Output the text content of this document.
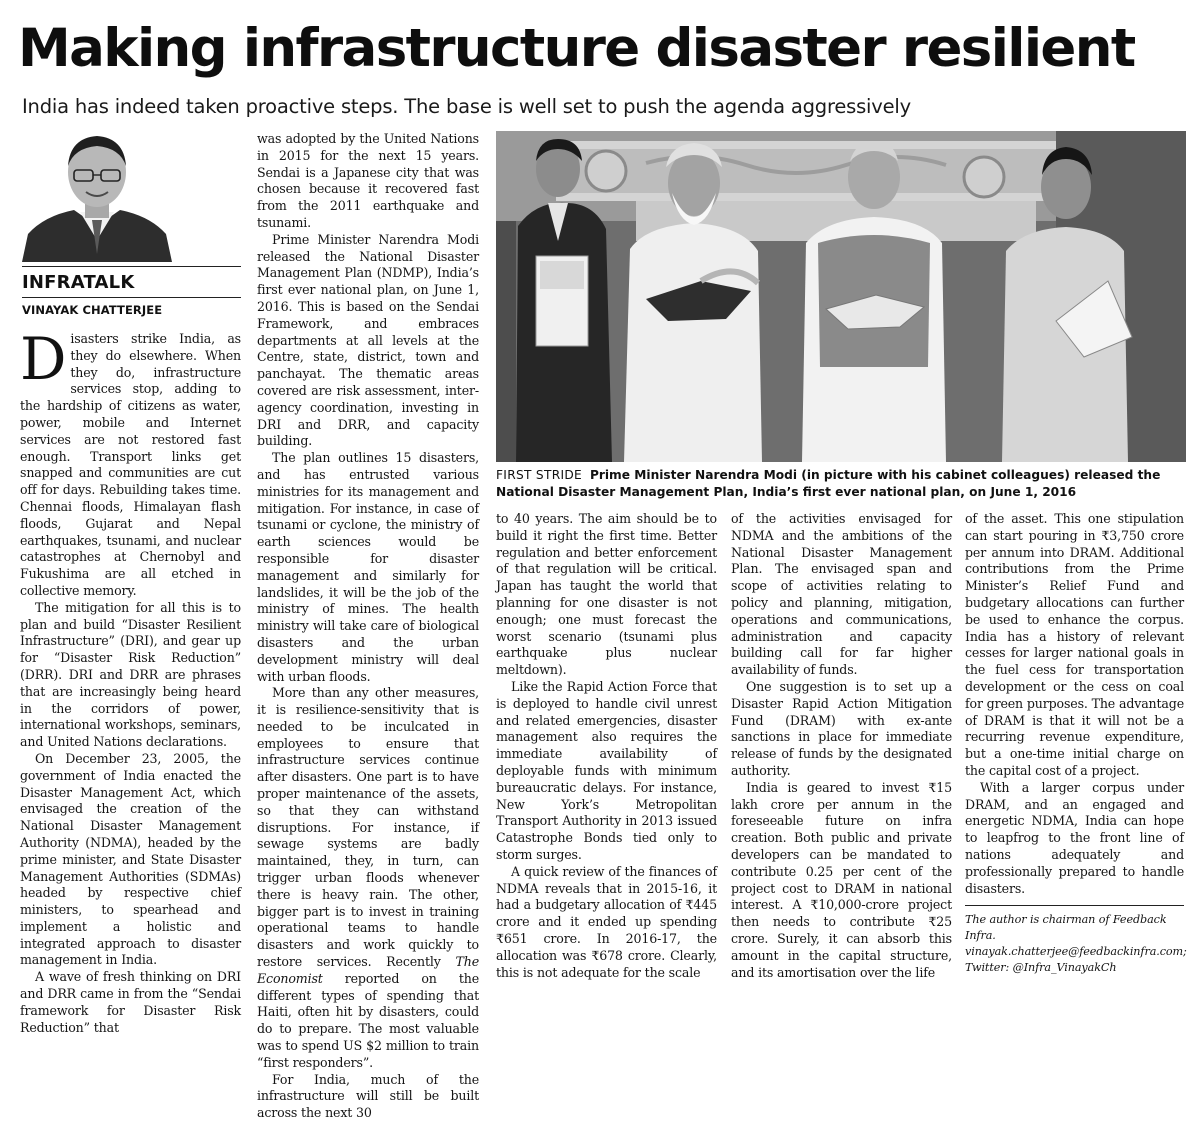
Making infrastructure disaster resilient
India has indeed taken proactive steps. The base is well set to push the agenda aggressively
INFRATALK
VINAYAK CHATTERJEE

Disasters strike India, as they do elsewhere. When they do, infrastructure services stop, adding to the hardship of citizens as water, power, mobile and Internet services are not restored fast enough. Transport links get snapped and communities are cut off for days. Rebuilding takes time. Chennai floods, Himalayan flash floods, Gujarat and Nepal earthquakes, tsunami, and nuclear catastrophes at Chernobyl and Fukushima are all etched in collective memory.

The mitigation for all this is to plan and build “Disaster Resilient Infrastructure” (DRI), and gear up for “Disaster Risk Reduction” (DRR). DRI and DRR are phrases that are increasingly being heard in the corridors of power, international workshops, seminars, and United Nations declarations.

On December 23, 2005, the government of India enacted the Disaster Management Act, which envisaged the creation of the National Disaster Management Authority (NDMA), headed by the prime minister, and State Disaster Management Authorities (SDMAs) headed by respective chief ministers, to spearhead and implement a holistic and integrated approach to disaster management in India.

A wave of fresh thinking on DRI and DRR came in from the “Sendai framework for Disaster Risk Reduction” that

was adopted by the United Nations in 2015 for the next 15 years. Sendai is a Japanese city that was chosen because it recovered fast from the 2011 earthquake and tsunami.

Prime Minister Narendra Modi released the National Disaster Management Plan (NDMP), India’s first ever national plan, on June 1, 2016. This is based on the Sendai Framework, and embraces departments at all levels at the Centre, state, district, town and panchayat. The thematic areas covered are risk assessment, inter-agency coordination, investing in DRI and DRR, and capacity building.

The plan outlines 15 disasters, and has entrusted various ministries for its management and mitigation. For instance, in case of tsunami or cyclone, the ministry of earth sciences would be responsible for disaster management and similarly for landslides, it will be the job of the ministry of mines. The health ministry will take care of biological disasters and the urban development ministry will deal with urban floods.

More than any other measures, it is resilience-sensitivity that is needed to be inculcated in employees to ensure that infrastructure services continue after disasters. One part is to have proper maintenance of the assets, so that they can withstand disruptions. For instance, if sewage systems are badly maintained, they, in turn, can trigger urban floods whenever there is heavy rain. The other, bigger part is to invest in training operational teams to handle disasters and work quickly to restore services. Recently The Economist reported on the different types of spending that Haiti, often hit by disasters, could do to prepare. The most valuable was to spend US $2 million to train “first responders”.

For India, much of the infrastructure will still be built across the next 30

FIRST STRIDE Prime Minister Narendra Modi (in picture with his cabinet colleagues) released the National Disaster Management Plan, India’s first ever national plan, on June 1, 2016

to 40 years. The aim should be to build it right the first time. Better regulation and better enforcement of that regulation will be critical. Japan has taught the world that planning for one disaster is not enough; one must forecast the worst scenario (tsunami plus earthquake plus nuclear meltdown).

Like the Rapid Action Force that is deployed to handle civil unrest and related emergencies, disaster management also requires the immediate availability of deployable funds with minimum bureaucratic delays. For instance, New York’s Metropolitan Transport Authority in 2013 issued Catastrophe Bonds tied only to storm surges.

A quick review of the finances of NDMA reveals that in 2015-16, it had a budgetary allocation of ₹445 crore and it ended up spending ₹651 crore. In 2016-17, the allocation was ₹678 crore. Clearly, this is not adequate for the scale

of the activities envisaged for NDMA and the ambitions of the National Disaster Management Plan. The envisaged span and scope of activities relating to policy and planning, mitigation, operations and communications, administration and capacity building call for far higher availability of funds.

One suggestion is to set up a Disaster Rapid Action Mitigation Fund (DRAM) with ex-ante sanctions in place for immediate release of funds by the designated authority.

India is geared to invest ₹15 lakh crore per annum in the foreseeable future on infra creation. Both public and private developers can be mandated to contribute 0.25 per cent of the project cost to DRAM in national interest. A ₹10,000-crore project then needs to contribute ₹25 crore. Surely, it can absorb this amount in the capital structure, and its amortisation over the life

of the asset. This one stipulation can start pouring in ₹3,750 crore per annum into DRAM. Additional contributions from the Prime Minister’s Relief Fund and budgetary allocations can further be used to enhance the corpus. India has a history of relevant cesses for larger national goals in the fuel cess for transportation development or the cess on coal for green purposes. The advantage of DRAM is that it will not be a recurring revenue expenditure, but a one-time initial charge on the capital cost of a project.

With a larger corpus under DRAM, and an engaged and energetic NDMA, India can hope to leapfrog to the front line of nations adequately and professionally prepared to handle disasters.

The author is chairman of Feedback Infra.
vinayak.chatterjee@feedbackinfra.com;
Twitter: @Infra_VinayakCh
